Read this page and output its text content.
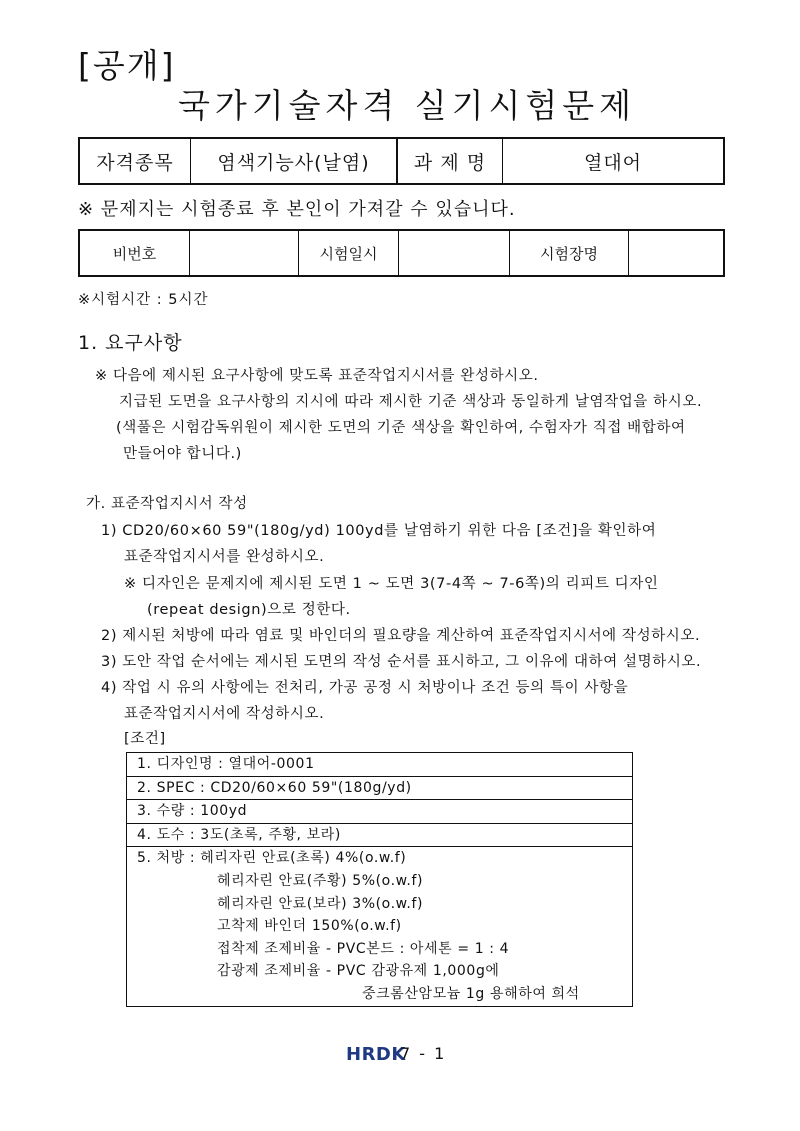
[공개]
국가기술자격 실기시험문제
자격종목	염색기능사(날염)	과 제 명	열대어
※ 문제지는 시험종료 후 본인이 가져갈 수 있습니다.
비번호		시험일시		시험장명	
※시험시간 : 5시간
1. 요구사항
※ 다음에 제시된 요구사항에 맞도록 표준작업지시서를 완성하시오.
지급된 도면을 요구사항의 지시에 따라 제시한 기준 색상과 동일하게 날염작업을 하시오.
(색풀은 시험감독위원이 제시한 도면의 기준 색상을 확인하여, 수험자가 직접 배합하여
만들어야 합니다.)
가. 표준작업지시서 작성
1) CD20/60×60 59"(180g/yd) 100yd를 날염하기 위한 다음 [조건]을 확인하여
표준작업지시서를 완성하시오.
※ 디자인은 문제지에 제시된 도면 1 ~ 도면 3(7-4쪽 ~ 7-6쪽)의 리피트 디자인
(repeat design)으로 정한다.
2) 제시된 처방에 따라 염료 및 바인더의 필요량을 계산하여 표준작업지시서에 작성하시오.
3) 도안 작업 순서에는 제시된 도면의 작성 순서를 표시하고, 그 이유에 대하여 설명하시오.
4) 작업 시 유의 사항에는 전처리, 가공 공정 시 처방이나 조건 등의 특이 사항을
표준작업지시서에 작성하시오.
[조건]
1. 디자인명 : 열대어-0001
2. SPEC : CD20/60×60 59"(180g/yd)
3. 수량 : 100yd
4. 도수 : 3도(초록, 주황, 보라)
5. 처방 : 헤리자린 안료(초록) 4%(o.w.f)
헤리자린 안료(주황) 5%(o.w.f)
헤리자린 안료(보라) 3%(o.w.f)
고착제 바인더 150%(o.w.f)
접착제 조제비율 - PVC본드 : 아세톤 = 1 : 4
감광제 조제비율 - PVC 감광유제 1,000g에
중크롬산암모늄 1g 용해하여 희석
HRDK
7 - 1
